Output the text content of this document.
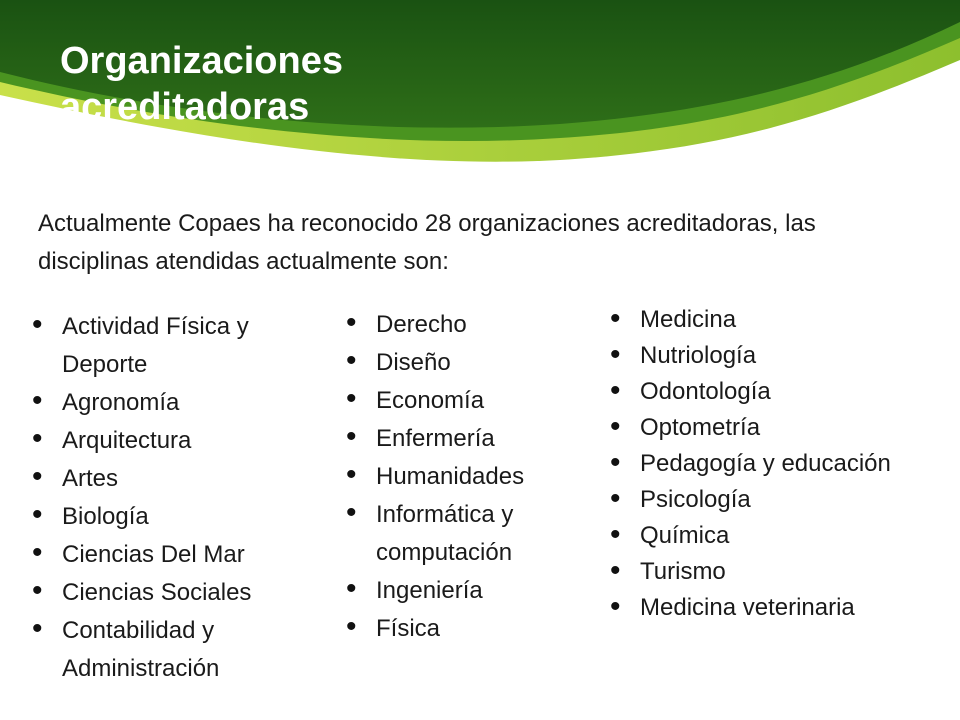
Organizaciones
acreditadoras

Actualmente Copaes ha reconocido 28 organizaciones acreditadoras, las disciplinas atendidas actualmente son:

• Actividad Física y Deporte
• Agronomía
• Arquitectura
• Artes
• Biología
• Ciencias Del Mar
• Ciencias Sociales
• Contabilidad y Administración
• Derecho
• Diseño
• Economía
• Enfermería
• Humanidades
• Informática y computación
• Ingeniería
• Física
• Medicina
• Nutriología
• Odontología
• Optometría
• Pedagogía y educación
• Psicología
• Química
• Turismo
• Medicina veterinaria
